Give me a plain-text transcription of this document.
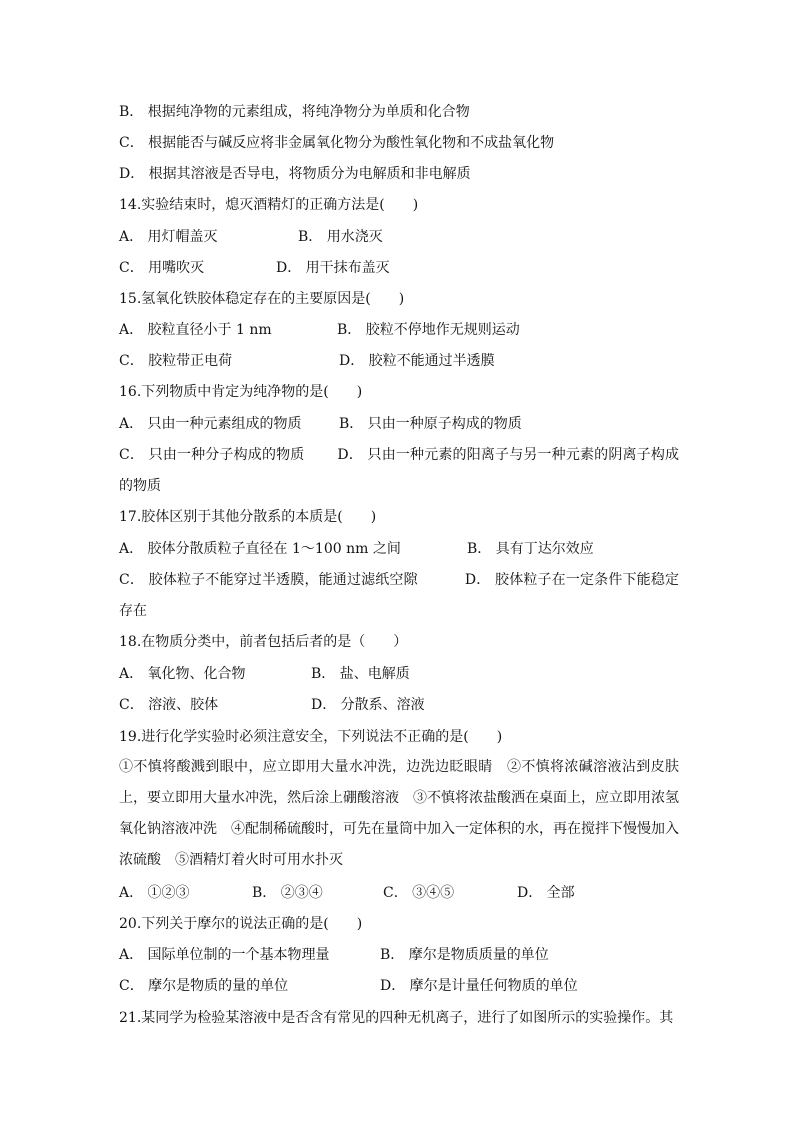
B． 根据纯净物的元素组成，将纯净物分为单质和化合物
C． 根据能否与碱反应将非金属氧化物分为酸性氧化物和不成盐氧化物
D． 根据其溶液是否导电，将物质分为电解质和非电解质
14.实验结束时，熄灭酒精灯的正确方法是(　　)
A． 用灯帽盖灭	B． 用水浇灭
C． 用嘴吹灭	D． 用干抹布盖灭
15.氢氧化铁胶体稳定存在的主要原因是(　　)
A． 胶粒直径小于 1 nm	B． 胶粒不停地作无规则运动
C． 胶粒带正电荷	D． 胶粒不能通过半透膜
16.下列物质中肯定为纯净物的是(　　)
A． 只由一种元素组成的物质	B． 只由一种原子构成的物质
C． 只由一种分子构成的物质　　 D． 只由一种元素的阳离子与另一种元素的阴离子构成的物质
17.胶体区别于其他分散系的本质是(　　)
A． 胶体分散质粒子直径在 1～100 nm 之间	B． 具有丁达尔效应
C． 胶体粒子不能穿过半透膜，能通过滤纸空隙　　　 D． 胶体粒子在一定条件下能稳定存在
18.在物质分类中，前者包括后者的是（　　）
A． 氧化物、化合物	B． 盐、电解质
C． 溶液、胶体	D． 分散系、溶液
19.进行化学实验时必须注意安全，下列说法不正确的是(　　)
①不慎将酸溅到眼中，应立即用大量水冲洗，边洗边眨眼睛　②不慎将浓碱溶液沾到皮肤上，要立即用大量水冲洗，然后涂上硼酸溶液　③不慎将浓盐酸洒在桌面上，应立即用浓氢氧化钠溶液冲洗　④配制稀硫酸时，可先在量筒中加入一定体积的水，再在搅拌下慢慢加入浓硫酸　⑤酒精灯着火时可用水扑灭
A． ①②③	B． ②③④	C． ③④⑤	D． 全部
20.下列关于摩尔的说法正确的是(　　)
A． 国际单位制的一个基本物理量	B． 摩尔是物质质量的单位
C． 摩尔是物质的量的单位	D． 摩尔是计量任何物质的单位
21.某同学为检验某溶液中是否含有常见的四种无机离子，进行了如图所示的实验操作。其
